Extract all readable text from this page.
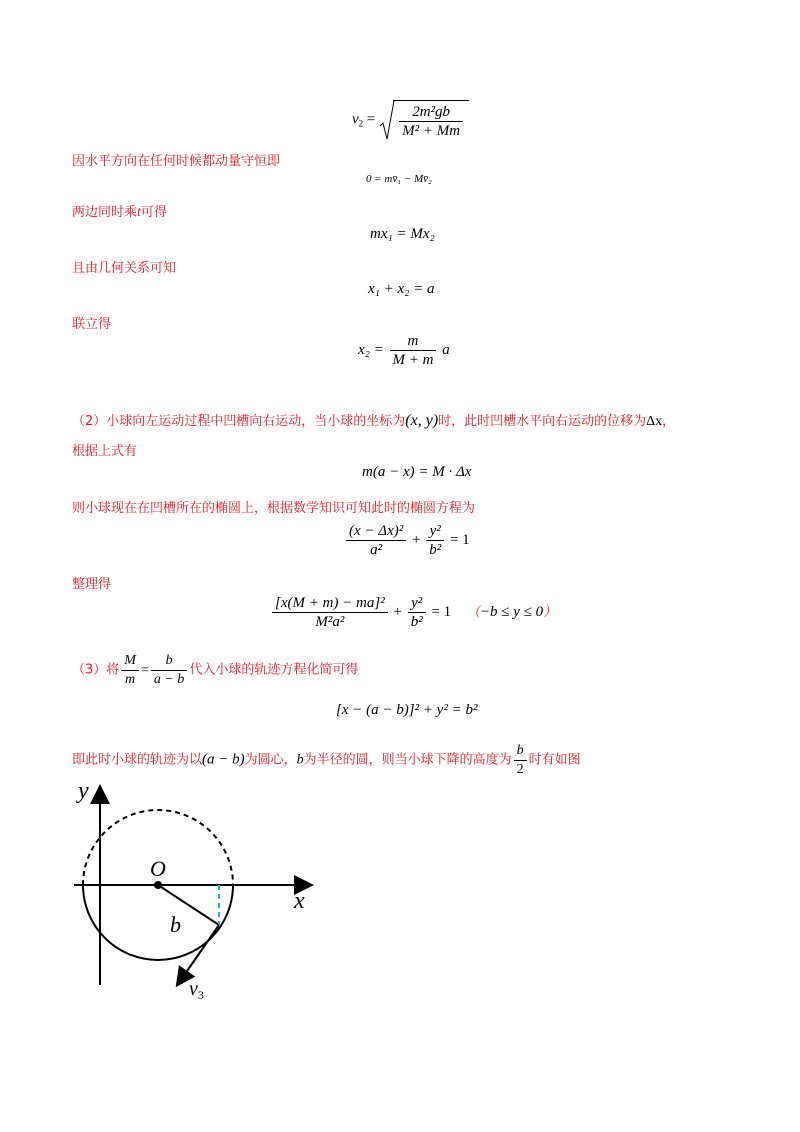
$v_2 = \frac{\text{2m²gb}}{\text{M² + Mm}}$
因水平方向在任何时候都动量守恒即
0 = mv̄₁ − Mv̄₂
两边同时乘t可得
mx₁ = Mx₂
且由几何关系可知
x₁ + x₂ = a
联立得
$x_2 = \frac{m}{M + m}$ a
（2）小球向左运动过程中凹槽向右运动，当小球的坐标为(x, y)时，此时凹槽水平向右运动的位移为Δx，
根据上式有
m(a − x) = M · Δx
则小球现在在凹槽所在的椭圆上，根据数学知识可知此时的椭圆方程为
$\frac{\text{(x − Δx)²}}{\text{a²}} + \frac{\text{y²}}{\text{b²}} = 1$
整理得
$\frac{\text{[x(M + m) − ma]²}}{\text{M²a²}} + \frac{\text{y²}}{\text{b²}} = 1$ （−b ≤ y ≤ 0）
（3）将 $\frac{M}{m} = \frac{b}{a - b}$ 代入小球的轨迹方程化简可得
[x − (a − b)]² + y² = b²
即此时小球的轨迹为以(a − b)为圆心，b为半径的圆，则当小球下降的高度为 $\frac{b}{2}$ 时有如图
y
x
O
b
$v_3$
